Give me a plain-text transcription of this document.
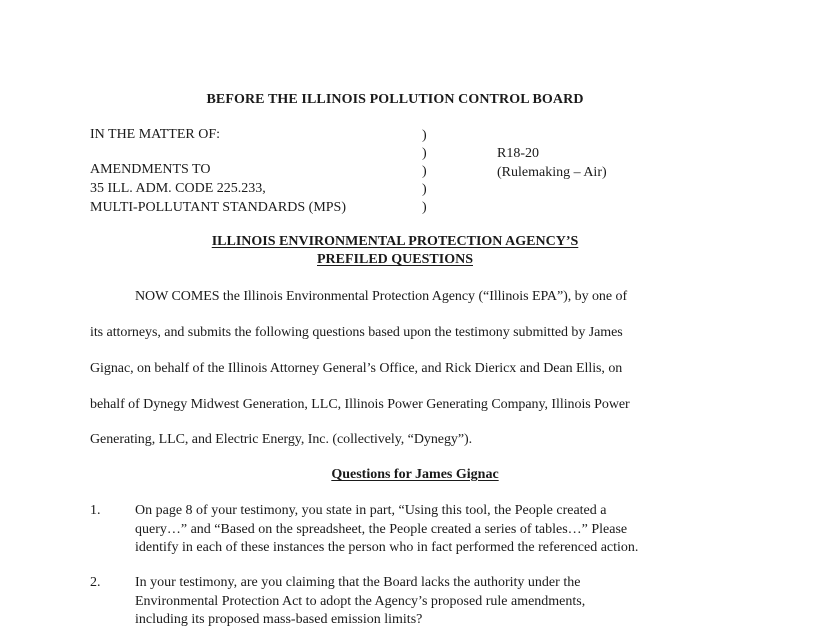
BEFORE THE ILLINOIS POLLUTION CONTROL BOARD
IN THE MATTER OF:
AMENDMENTS TO
35 ILL. ADM. CODE 225.233,
MULTI-POLLUTANT STANDARDS (MPS)
)
)
)
)
)
R18-20
(Rulemaking – Air)
ILLINOIS ENVIRONMENTAL PROTECTION AGENCY’S
PREFILED QUESTIONS
NOW COMES the Illinois Environmental Protection Agency (“Illinois EPA”), by one of
its attorneys, and submits the following questions based upon the testimony submitted by James
Gignac, on behalf of the Illinois Attorney General’s Office, and Rick Diericx and Dean Ellis, on
behalf of Dynegy Midwest Generation, LLC, Illinois Power Generating Company, Illinois Power
Generating, LLC, and Electric Energy, Inc. (collectively, “Dynegy”).
Questions for James Gignac
1. On page 8 of your testimony, you state in part, “Using this tool, the People created a
query…” and “Based on the spreadsheet, the People created a series of tables…” Please
identify in each of these instances the person who in fact performed the referenced action.
2. In your testimony, are you claiming that the Board lacks the authority under the
Environmental Protection Act to adopt the Agency’s proposed rule amendments,
including its proposed mass-based emission limits?
